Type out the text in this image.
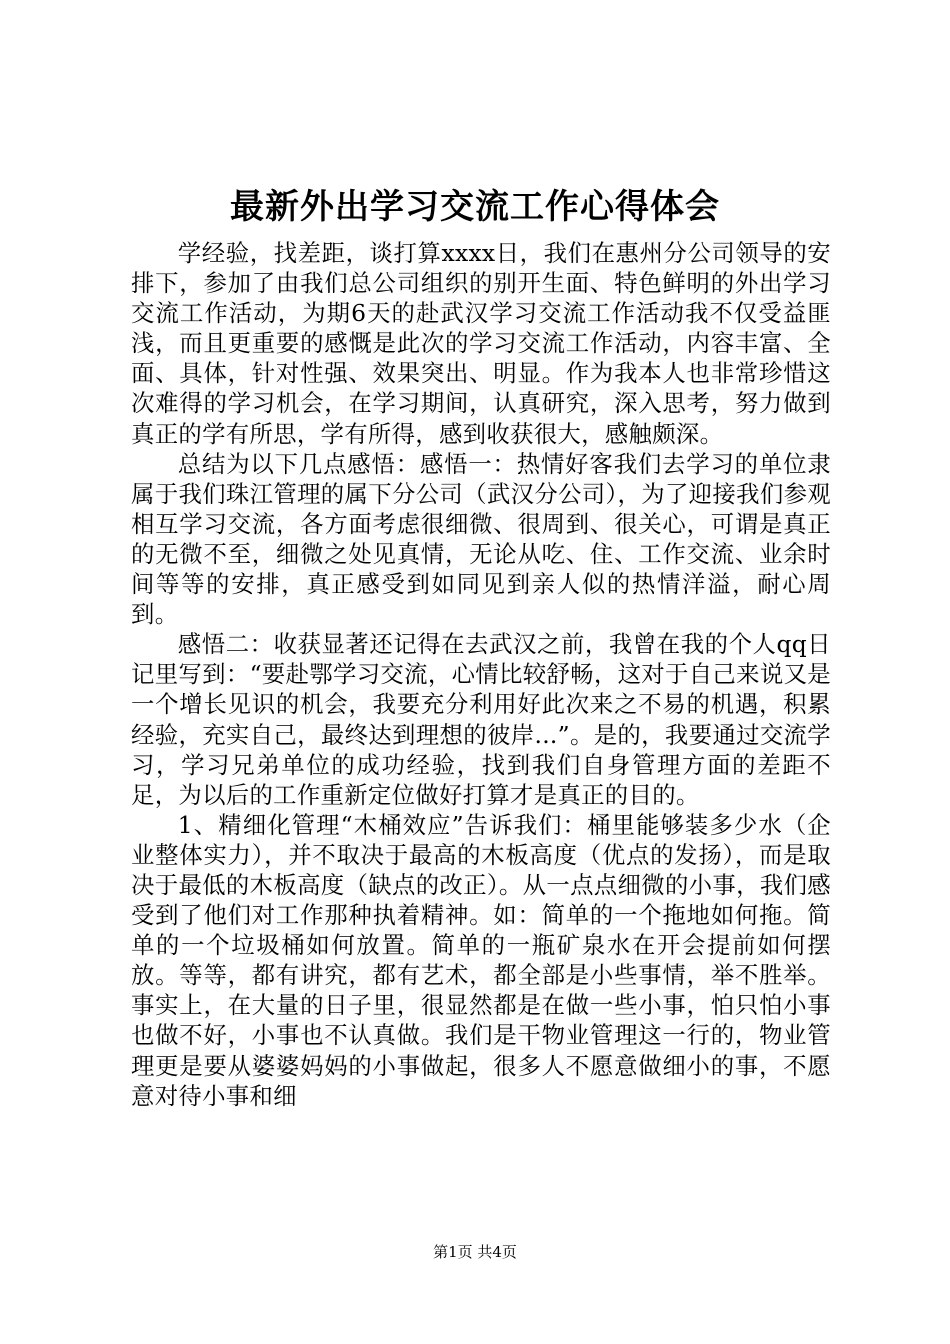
最新外出学习交流工作心得体会

学经验，找差距，谈打算xxxx日，我们在惠州分公司领导的安排下，参加了由我们总公司组织的别开生面、特色鲜明的外出学习交流工作活动，为期6天的赴武汉学习交流工作活动我不仅受益匪浅，而且更重要的感慨是此次的学习交流工作活动，内容丰富、全面、具体，针对性强、效果突出、明显。作为我本人也非常珍惜这次难得的学习机会，在学习期间，认真研究，深入思考，努力做到真正的学有所思，学有所得，感到收获很大，感触颇深。

总结为以下几点感悟：感悟一：热情好客我们去学习的单位隶属于我们珠江管理的属下分公司（武汉分公司），为了迎接我们参观相互学习交流，各方面考虑很细微、很周到、很关心，可谓是真正的无微不至，细微之处见真情，无论从吃、住、工作交流、业余时间等等的安排，真正感受到如同见到亲人似的热情洋溢，耐心周到。

感悟二：收获显著还记得在去武汉之前，我曾在我的个人qq日记里写到：“要赴鄂学习交流，心情比较舒畅，这对于自己来说又是一个增长见识的机会，我要充分利用好此次来之不易的机遇，积累经验，充实自己，最终达到理想的彼岸...”。是的，我要通过交流学习，学习兄弟单位的成功经验，找到我们自身管理方面的差距不足，为以后的工作重新定位做好打算才是真正的目的。

1、精细化管理“木桶效应”告诉我们：桶里能够装多少水（企业整体实力），并不取决于最高的木板高度（优点的发扬），而是取决于最低的木板高度（缺点的改正）。从一点点细微的小事，我们感受到了他们对工作那种执着精神。如：简单的一个拖地如何拖。简单的一个垃圾桶如何放置。简单的一瓶矿泉水在开会提前如何摆放。等等，都有讲究，都有艺术，都全部是小些事情，举不胜举。事实上，在大量的日子里，很显然都是在做一些小事，怕只怕小事也做不好，小事也不认真做。我们是干物业管理这一行的，物业管理更是要从婆婆妈妈的小事做起，很多人不愿意做细小的事，不愿意对待小事和细

第1页 共4页
